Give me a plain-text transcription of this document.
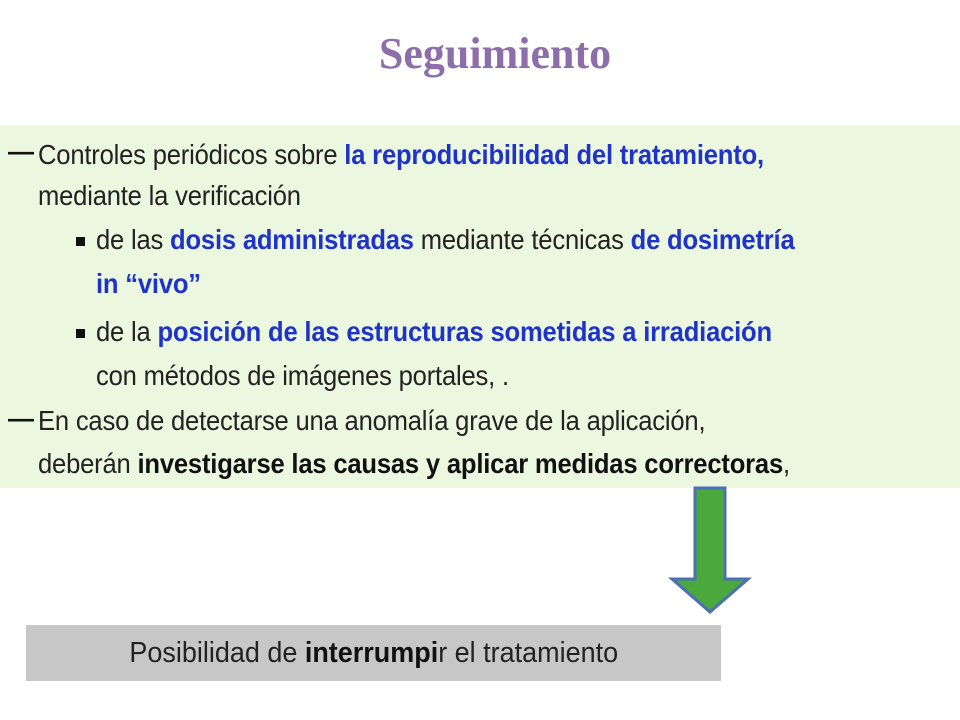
Seguimiento
— Controles periódicos sobre la reproducibilidad del tratamiento,
mediante la verificación
de las dosis administradas mediante técnicas de dosimetría
in “vivo”
de la posición de las estructuras sometidas a irradiación
con métodos de imágenes portales, .
— En caso de detectarse una anomalía grave de la aplicación,
deberán investigarse las causas y aplicar medidas correctoras,
Posibilidad de interrumpir el tratamiento
